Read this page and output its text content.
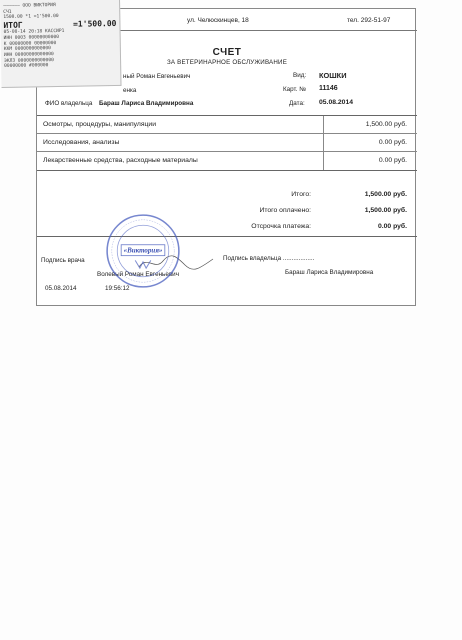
ул. Челюскинцев, 18	тел. 292-51-97
СЧЕТ
ЗА ВЕТЕРИНАРНОЕ ОБСЛУЖИВАНИЕ
ный Роман Евгеньевич
енка
ФИО владельца Бараш Лариса Владимировна
Вид: КОШКИ
Карт. № 11146
Дата: 05.08.2014
Осмотры, процедуры, манипуляции	1,500.00 руб.
Исследования, анализы	0.00 руб.
Лекарственные средства, расходные материалы	0.00 руб.
Итого:	1,500.00 руб.
Итого оплачено:	1,500.00 руб.
Отсрочка платежа:	0.00 руб.
Подпись врача	Подпись владельца ..................
Волевый Роман Евгеньевич	Бараш Лариса Владимировна
05.08.2014	19:56:12
«Виктория»
—————— ООО ВИКТОРИЯ
СЧ1
1500.00 *1 =1'500.00
ИТОГ	=1'500.00
05-08-14 20:18 КАССИР1
ИНН 0003 00000000000
К 00000000 00000000
ККМ 0000000000000
ИНН 00000000000000
ЭКЛЗ 0000000000000
00000000 #000000
